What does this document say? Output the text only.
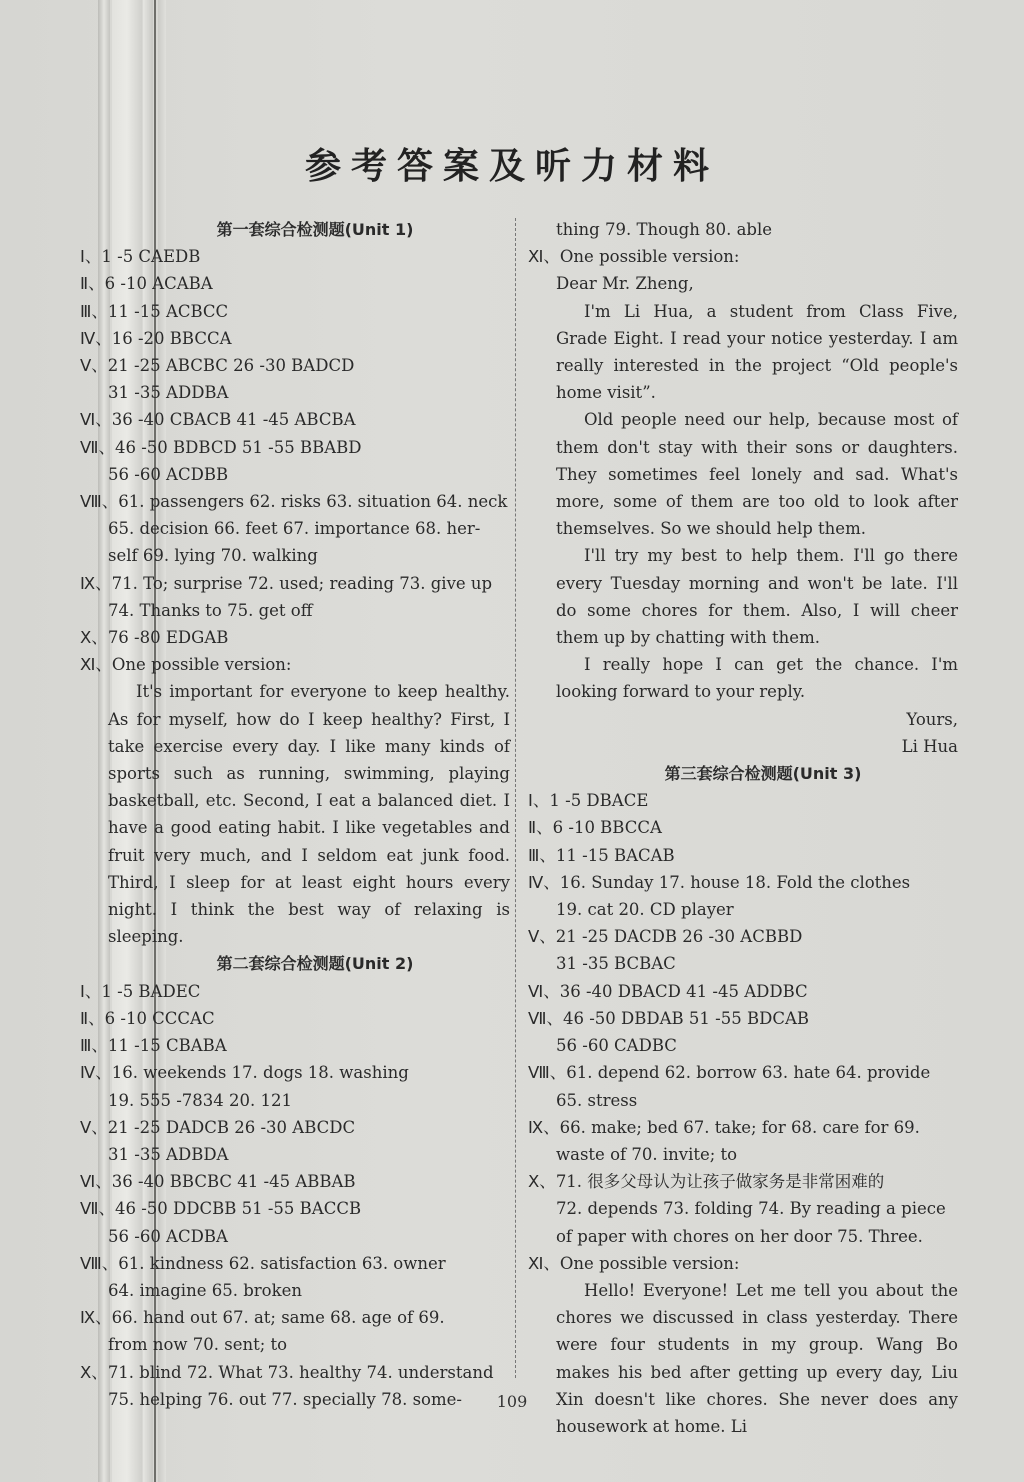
参考答案及听力材料
第一套综合检测题(Unit 1)
Ⅰ、1 -5 CAEDB
Ⅱ、6 -10 ACABA
Ⅲ、11 -15 ACBCC
Ⅳ、16 -20 BBCCA
Ⅴ、21 -25 ABCBC 26 -30 BADCD
31 -35 ADDBA
Ⅵ、36 -40 CBACB 41 -45 ABCBA
Ⅶ、46 -50 BDBCD 51 -55 BBABD
56 -60 ACDBB
Ⅷ、61. passengers 62. risks 63. situation 64. neck
65. decision 66. feet 67. importance 68. her-
self 69. lying 70. walking
Ⅸ、71. To; surprise 72. used; reading 73. give up
74. Thanks to 75. get off
Ⅹ、76 -80 EDGAB
Ⅺ、One possible version:
It's important for everyone to keep healthy. As for myself, how do I keep healthy? First, I take exercise every day. I like many kinds of sports such as running, swimming, playing basketball, etc. Second, I eat a balanced diet. I have a good eating habit. I like vegetables and fruit very much, and I seldom eat junk food. Third, I sleep for at least eight hours every night. I think the best way of relaxing is sleeping.
第二套综合检测题(Unit 2)
Ⅰ、1 -5 BADEC
Ⅱ、6 -10 CCCAC
Ⅲ、11 -15 CBABA
Ⅳ、16. weekends 17. dogs 18. washing
19. 555 -7834 20. 121
Ⅴ、21 -25 DADCB 26 -30 ABCDC
31 -35 ADBDA
Ⅵ、36 -40 BBCBC 41 -45 ABBAB
Ⅶ、46 -50 DDCBB 51 -55 BACCB
56 -60 ACDBA
Ⅷ、61. kindness 62. satisfaction 63. owner
64. imagine 65. broken
Ⅸ、66. hand out 67. at; same 68. age of 69.
from now 70. sent; to
Ⅹ、71. blind 72. What 73. healthy 74. understand
75. helping 76. out 77. specially 78. some-
thing 79. Though 80. able
Ⅺ、One possible version:
Dear Mr. Zheng,
I'm Li Hua, a student from Class Five, Grade Eight. I read your notice yesterday. I am really interested in the project “Old people's home visit”.
Old people need our help, because most of them don't stay with their sons or daughters. They sometimes feel lonely and sad. What's more, some of them are too old to look after themselves. So we should help them.
I'll try my best to help them. I'll go there every Tuesday morning and won't be late. I'll do some chores for them. Also, I will cheer them up by chatting with them.
I really hope I can get the chance. I'm looking forward to your reply.
Yours,
Li Hua
第三套综合检测题(Unit 3)
Ⅰ、1 -5 DBACE
Ⅱ、6 -10 BBCCA
Ⅲ、11 -15 BACAB
Ⅳ、16. Sunday 17. house 18. Fold the clothes
19. cat 20. CD player
Ⅴ、21 -25 DACDB 26 -30 ACBBD
31 -35 BCBAC
Ⅵ、36 -40 DBACD 41 -45 ADDBC
Ⅶ、46 -50 DBDAB 51 -55 BDCAB
56 -60 CADBC
Ⅷ、61. depend 62. borrow 63. hate 64. provide
65. stress
Ⅸ、66. make; bed 67. take; for 68. care for 69.
waste of 70. invite; to
Ⅹ、71. 很多父母认为让孩子做家务是非常困难的
72. depends 73. folding 74. By reading a piece
of paper with chores on her door 75. Three.
Ⅺ、One possible version:
Hello! Everyone! Let me tell you about the chores we discussed in class yesterday. There were four students in my group. Wang Bo makes his bed after getting up every day, Liu Xin doesn't like chores. She never does any housework at home. Li
109
